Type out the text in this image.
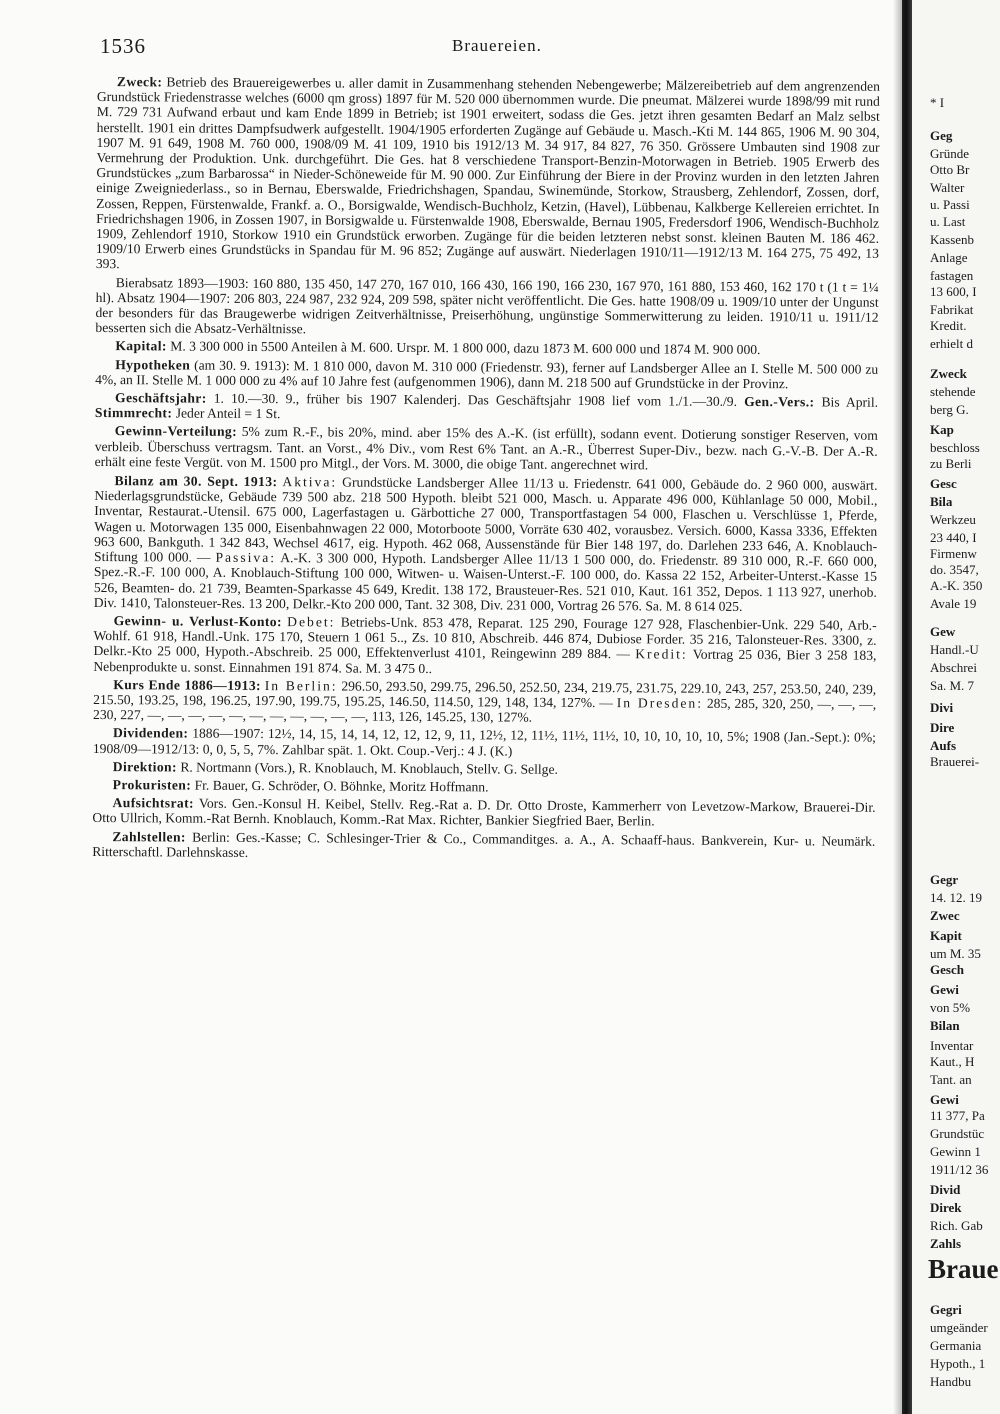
1536	Brauereien.

Zweck: Betrieb des Brauereigewerbes u. aller damit in Zusammenhang stehenden Nebengewerbe; Mälzereibetrieb auf dem angrenzenden Grundstück Friedenstrasse welches (6000 qm gross) 1897 für M. 520 000 übernommen wurde. Die pneumat. Mälzerei wurde 1898/99 mit rund M. 729 731 Aufwand erbaut und kam Ende 1899 in Betrieb; ist 1901 erweitert, sodass die Ges. jetzt ihren gesamten Bedarf an Malz selbst herstellt. 1901 ein drittes Dampfsudwerk aufgestellt. 1904/1905 erforderten Zugänge auf Gebäude u. Masch.-Kti M. 144 865, 1906 M. 90 304, 1907 M. 91 649, 1908 M. 760 000, 1908/09 M. 41 109, 1910 bis 1912/13 M. 34 917, 84 827, 76 350. Grössere Umbauten sind 1908 zur Vermehrung der Produktion. Unk. durchgeführt. Die Ges. hat 8 verschiedene Transport-Benzin-Motorwagen in Betrieb. 1905 Erwerb des Grundstückes „zum Barbarossa“ in Nieder-Schöneweide für M. 90 000. Zur Einführung der Biere in der Provinz wurden in den letzten Jahren einige Zweigniederlass., so in Bernau, Eberswalde, Friedrichshagen, Spandau, Swinemünde, Storkow, Strausberg, Zehlendorf, Zossen, dorf, Zossen, Reppen, Fürstenwalde, Frankf. a. O., Borsigwalde, Wendisch-Buchholz, Ketzin, (Havel), Lübbenau, Kalkberge Kellereien errichtet. In Friedrichshagen 1906, in Zossen 1907, in Borsigwalde u. Fürstenwalde 1908, Eberswalde, Bernau 1905, Fredersdorf 1906, Wendisch-Buchholz 1909, Zehlendorf 1910, Storkow 1910 ein Grundstück erworben. Zugänge für die beiden letzteren nebst sonst. kleinen Bauten M. 186 462. 1909/10 Erwerb eines Grundstücks in Spandau für M. 96 852; Zugänge auf auswärt. Niederlagen 1910/11—1912/13 M. 164 275, 75 492, 13 393.

Bierabsatz 1893—1903: 160 880, 135 450, 147 270, 167 010, 166 430, 166 190, 166 230, 167 970, 161 880, 153 460, 162 170 t (1 t = 1¼ hl). Absatz 1904—1907: 206 803, 224 987, 232 924, 209 598, später nicht veröffentlicht. Die Ges. hatte 1908/09 u. 1909/10 unter der Ungunst der besonders für das Braugewerbe widrigen Zeitverhältnisse, Preiserhöhung, ungünstige Sommerwitterung zu leiden. 1910/11 u. 1911/12 besserten sich die Absatz-Verhältnisse.

Kapital: M. 3 300 000 in 5500 Anteilen à M. 600. Urspr. M. 1 800 000, dazu 1873 M. 600 000 und 1874 M. 900 000.

Hypotheken (am 30. 9. 1913): M. 1 810 000, davon M. 310 000 (Friedenstr. 93), ferner auf Landsberger Allee an I. Stelle M. 500 000 zu 4%, an II. Stelle M. 1 000 000 zu 4% auf 10 Jahre fest (aufgenommen 1906), dann M. 218 500 auf Grundstücke in der Provinz.

Geschäftsjahr: 1. 10.—30. 9., früher bis 1907 Kalenderj. Das Geschäftsjahr 1908 lief vom 1./1.—30./9. Gen.-Vers.: Bis April. Stimmrecht: Jeder Anteil = 1 St.

Gewinn-Verteilung: 5% zum R.-F., bis 20%, mind. aber 15% des A.-K. (ist erfüllt), sodann event. Dotierung sonstiger Reserven, vom verbleib. Überschuss vertragsm. Tant. an Vorst., 4% Div., vom Rest 6% Tant. an A.-R., Überrest Super-Div., bezw. nach G.-V.-B. Der A.-R. erhält eine feste Vergüt. von M. 1500 pro Mitgl., der Vors. M. 3000, die obige Tant. angerechnet wird.

Bilanz am 30. Sept. 1913: Aktiva: Grundstücke Landsberger Allee 11/13 u. Friedenstr. 641 000, Gebäude do. 2 960 000, auswärt. Niederlagsgrundstücke, Gebäude 739 500 abz. 218 500 Hypoth. bleibt 521 000, Masch. u. Apparate 496 000, Kühlanlage 50 000, Mobil., Inventar, Restaurat.-Utensil. 675 000, Lagerfastagen u. Gärbottiche 27 000, Transportfastagen 54 000, Flaschen u. Verschlüsse 1, Pferde, Wagen u. Motorwagen 135 000, Eisenbahnwagen 22 000, Motorboote 5000, Vorräte 630 402, vorausbez. Versich. 6000, Kassa 3336, Effekten 963 600, Bankguth. 1 342 843, Wechsel 4617, eig. Hypoth. 462 068, Aussenstände für Bier 148 197, do. Darlehen 233 646, A. Knoblauch-Stiftung 100 000. — Passiva: A.-K. 3 300 000, Hypoth. Landsberger Allee 11/13 1 500 000, do. Friedenstr. 89 310 000, R.-F. 660 000, Spez.-R.-F. 100 000, A. Knoblauch-Stiftung 100 000, Witwen- u. Waisen-Unterst.-F. 100 000, do. Kassa 22 152, Arbeiter-Unterst.-Kasse 15 526, Beamten- do. 21 739, Beamten-Sparkasse 45 649, Kredit. 138 172, Brausteuer-Res. 521 010, Kaut. 161 352, Depos. 1 113 927, unerhob. Div. 1410, Talonsteuer-Res. 13 200, Delkr.-Kto 200 000, Tant. 32 308, Div. 231 000, Vortrag 26 576. Sa. M. 8 614 025.

Gewinn- u. Verlust-Konto: Debet: Betriebs-Unk. 853 478, Reparat. 125 290, Fourage 127 928, Flaschenbier-Unk. 229 540, Arb.-Wohlf. 61 918, Handl.-Unk. 175 170, Steuern 1 061 5.., Zs. 10 810, Abschreib. 446 874, Dubiose Forder. 35 216, Talonsteuer-Res. 3300, z. Delkr.-Kto 25 000, Hypoth.-Abschreib. 25 000, Effektenverlust 4101, Reingewinn 289 884. — Kredit: Vortrag 25 036, Bier 3 258 183, Nebenprodukte u. sonst. Einnahmen 191 874. Sa. M. 3 475 0..

Kurs Ende 1886—1913: In Berlin: 296.50, 293.50, 299.75, 296.50, 252.50, 234, 219.75, 231.75, 229.10, 243, 257, 253.50, 240, 239, 215.50, 193.25, 198, 196.25, 197.90, 199.75, 195.25, 146.50, 114.50, 129, 148, 134, 127%. — In Dresden: 285, 285, 320, 250, —, —, —, 230, 227, —, —, —, —, —, —, —, —, —, —, —, 113, 126, 145.25, 130, 127%.

Dividenden: 1886—1907: 12½, 14, 15, 14, 14, 12, 12, 12, 9, 11, 12½, 12, 11½, 11½, 11½, 10, 10, 10, 10, 10, 5%; 1908 (Jan.-Sept.): 0%; 1908/09—1912/13: 0, 0, 5, 5, 7%. Zahlbar spät. 1. Okt. Coup.-Verj.: 4 J. (K.)

Direktion: R. Nortmann (Vors.), R. Knoblauch, M. Knoblauch, Stellv. G. Sellge.

Prokuristen: Fr. Bauer, G. Schröder, O. Böhnke, Moritz Hoffmann.

Aufsichtsrat: Vors. Gen.-Konsul H. Keibel, Stellv. Reg.-Rat a. D. Dr. Otto Droste, Kammerherr von Levetzow-Markow, Brauerei-Dir. Otto Ullrich, Komm.-Rat Bernh. Knoblauch, Komm.-Rat Max. Richter, Bankier Siegfried Baer, Berlin.

Zahlstellen: Berlin: Ges.-Kasse; C. Schlesinger-Trier & Co., Commanditges. a. A., A. Schaaff-haus. Bankverein, Kur- u. Neumärk. Ritterschaftl. Darlehnskasse.

* I
Geg
Gründe
Otto Br
Walter
u. Passi
u. Last
Kassenb
Anlage
fastagen
13 600, I
Fabrikat
Kredit.
erhielt d
Zweck
stehende
berg G.
Kap
beschloss
zu Berli
Gesc
Bila
Werkzeu
23 440, I
Firmenw
do. 3547,
A.-K. 350
Avale 19
Gew
Handl.-U
Abschrei
Sa. M. 7
Divi
Dire
Aufs
Brauerei-
Gegr
14. 12. 19
Zwec
Kapit
um M. 35
Gesch
Gewi
von 5%
Bilan
Inventar
Kaut., H
Tant. an
Gewi
11 377, Pa
Grundstüc
Gewinn 1
1911/12 36
Divid
Direk
Rich. Gab
Zahls
Braue
Gegri
umgeänder
Germania
Hypoth., 1
Handbu
